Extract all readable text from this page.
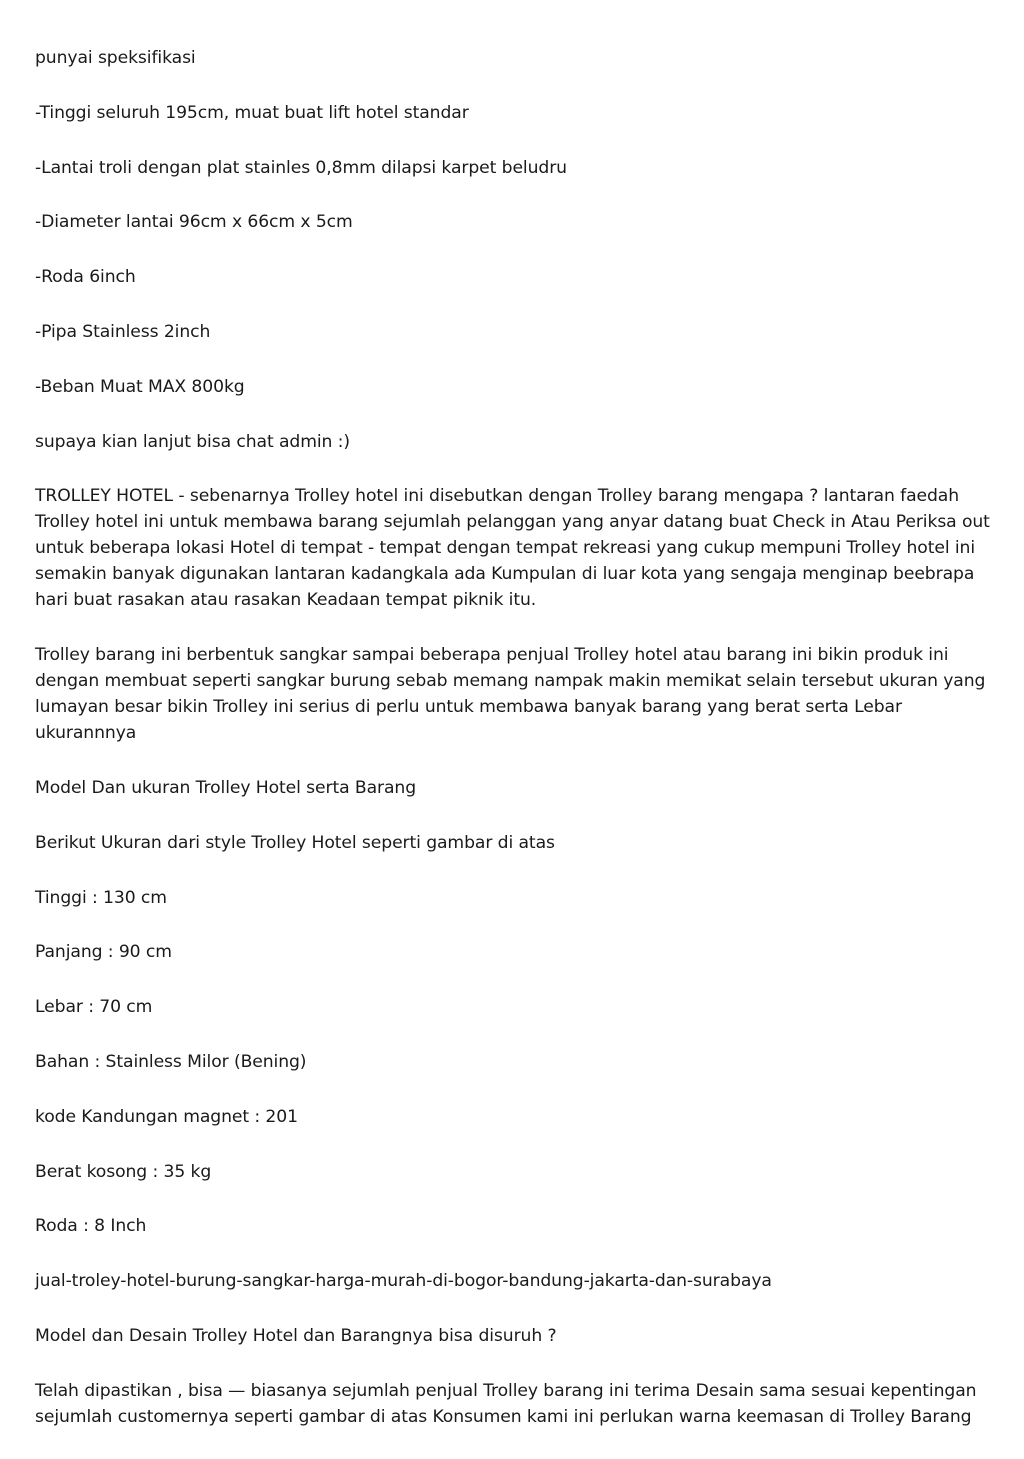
punyai speksifikasi

-Tinggi seluruh 195cm, muat buat lift hotel standar

-Lantai troli dengan plat stainles 0,8mm dilapsi karpet beludru

-Diameter lantai 96cm x 66cm x 5cm

-Roda 6inch

-Pipa Stainless 2inch

-Beban Muat MAX 800kg

supaya kian lanjut bisa chat admin :)

TROLLEY HOTEL - sebenarnya Trolley hotel ini disebutkan dengan Trolley barang mengapa ? lantaran faedah Trolley hotel ini untuk membawa barang sejumlah pelanggan yang anyar datang buat Check in Atau Periksa out untuk beberapa lokasi Hotel di tempat - tempat dengan tempat rekreasi yang cukup mempuni Trolley hotel ini semakin banyak digunakan lantaran kadangkala ada Kumpulan di luar kota yang sengaja menginap beebrapa hari buat rasakan atau rasakan Keadaan tempat piknik itu.

Trolley barang ini berbentuk sangkar sampai beberapa penjual Trolley hotel atau barang ini bikin produk ini dengan membuat seperti sangkar burung sebab memang nampak makin memikat selain tersebut ukuran yang lumayan besar bikin Trolley ini serius di perlu untuk membawa banyak barang yang berat serta Lebar ukurannnya

Model Dan ukuran Trolley Hotel serta Barang

Berikut Ukuran dari style Trolley Hotel seperti gambar di atas

Tinggi : 130 cm

Panjang : 90 cm

Lebar : 70 cm

Bahan : Stainless Milor (Bening)

kode Kandungan magnet : 201

Berat kosong : 35 kg

Roda : 8 Inch

jual-troley-hotel-burung-sangkar-harga-murah-di-bogor-bandung-jakarta-dan-surabaya

Model dan Desain Trolley Hotel dan Barangnya bisa disuruh ?

Telah dipastikan , bisa — biasanya sejumlah penjual Trolley barang ini terima Desain sama sesuai kepentingan sejumlah customernya seperti gambar di atas Konsumen kami ini perlukan warna keemasan di Trolley Barang
